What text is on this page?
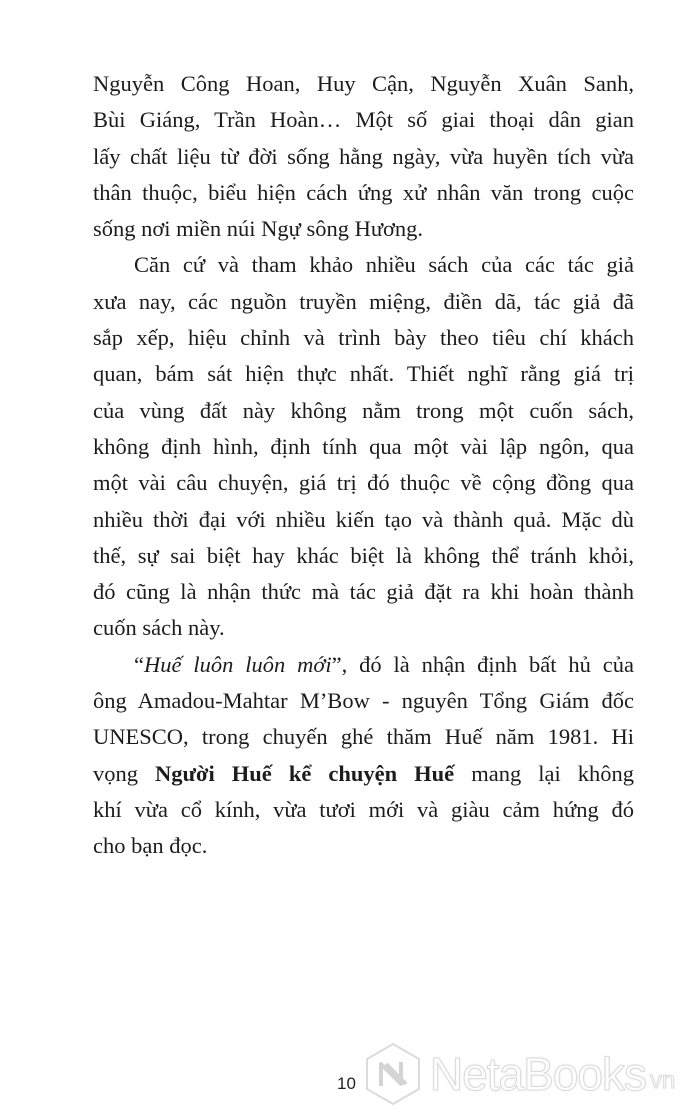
Nguyễn Công Hoan, Huy Cận, Nguyễn Xuân Sanh,
Bùi Giáng, Trần Hoàn… Một số giai thoại dân gian
lấy chất liệu từ đời sống hằng ngày, vừa huyền tích vừa
thân thuộc, biểu hiện cách ứng xử nhân văn trong cuộc
sống nơi miền núi Ngự sông Hương.
Căn cứ và tham khảo nhiều sách của các tác giả
xưa nay, các nguồn truyền miệng, điền dã, tác giả đã
sắp xếp, hiệu chỉnh và trình bày theo tiêu chí khách
quan, bám sát hiện thực nhất. Thiết nghĩ rằng giá trị
của vùng đất này không nằm trong một cuốn sách,
không định hình, định tính qua một vài lập ngôn, qua
một vài câu chuyện, giá trị đó thuộc về cộng đồng qua
nhiều thời đại với nhiều kiến tạo và thành quả. Mặc dù
thế, sự sai biệt hay khác biệt là không thể tránh khỏi,
đó cũng là nhận thức mà tác giả đặt ra khi hoàn thành
cuốn sách này.
“Huế luôn luôn mới”, đó là nhận định bất hủ của
ông Amadou-Mahtar M’Bow - nguyên Tổng Giám đốc
UNESCO, trong chuyến ghé thăm Huế năm 1981. Hi
vọng Người Huế kể chuyện Huế mang lại không
khí vừa cổ kính, vừa tươi mới và giàu cảm hứng đó
cho bạn đọc.
10 NetaBooks vn
